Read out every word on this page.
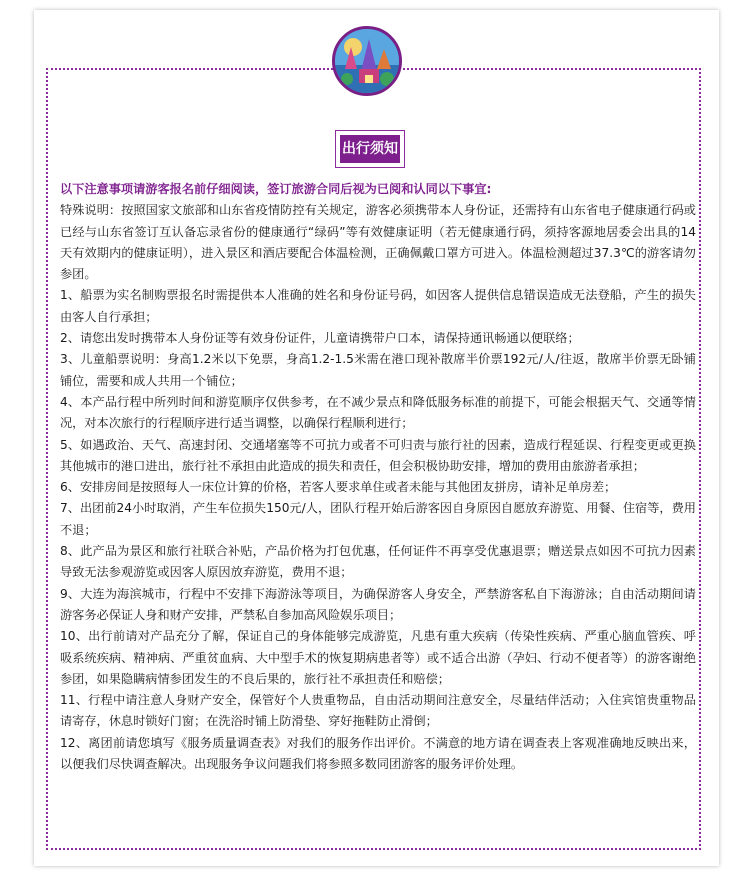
出行须知

以下注意事项请游客报名前仔细阅读，签订旅游合同后视为已阅和认同以下事宜:

特殊说明：按照国家文旅部和山东省疫情防控有关规定，游客必须携带本人身份证，还需持有山东省电子健康通行码或已经与山东省签订互认备忘录省份的健康通行“绿码”等有效健康证明（若无健康通行码，须持客源地居委会出具的14天有效期内的健康证明），进入景区和酒店要配合体温检测，正确佩戴口罩方可进入。体温检测超过37.3℃的游客请勿参团。

1、船票为实名制购票报名时需提供本人准确的姓名和身份证号码，如因客人提供信息错误造成无法登船，产生的损失由客人自行承担；

2、请您出发时携带本人身份证等有效身份证件，儿童请携带户口本，请保持通讯畅通以便联络；

3、儿童船票说明：身高1.2米以下免票，身高1.2-1.5米需在港口现补散席半价票192元/人/往返，散席半价票无卧铺铺位，需要和成人共用一个铺位；

4、本产品行程中所列时间和游览顺序仅供参考，在不减少景点和降低服务标准的前提下，可能会根据天气、交通等情况，对本次旅行的行程顺序进行适当调整，以确保行程顺利进行；

5、如遇政治、天气、高速封闭、交通堵塞等不可抗力或者不可归责与旅行社的因素，造成行程延误、行程变更或更换其他城市的港口进出，旅行社不承担由此造成的损失和责任，但会积极协助安排，增加的费用由旅游者承担；

6、安排房间是按照每人一床位计算的价格，若客人要求单住或者未能与其他团友拼房，请补足单房差；

7、出团前24小时取消，产生车位损失150元/人，团队行程开始后游客因自身原因自愿放弃游览、用餐、住宿等，费用不退；

8、此产品为景区和旅行社联合补贴，产品价格为打包优惠，任何证件不再享受优惠退票；赠送景点如因不可抗力因素导致无法参观游览或因客人原因放弃游览，费用不退；

9、大连为海滨城市，行程中不安排下海游泳等项目，为确保游客人身安全，严禁游客私自下海游泳；自由活动期间请游客务必保证人身和财产安排，严禁私自参加高风险娱乐项目；

10、出行前请对产品充分了解，保证自己的身体能够完成游览，凡患有重大疾病（传染性疾病、严重心脑血管疾、呼吸系统疾病、精神病、严重贫血病、大中型手术的恢复期病患者等）或不适合出游（孕妇、行动不便者等）的游客谢绝参团，如果隐瞒病情参团发生的不良后果的，旅行社不承担责任和赔偿；

11、行程中请注意人身财产安全，保管好个人贵重物品，自由活动期间注意安全，尽量结伴活动；入住宾馆贵重物品请寄存，休息时锁好门窗；在洗浴时铺上防滑垫、穿好拖鞋防止滑倒；

12、离团前请您填写《服务质量调查表》对我们的服务作出评价。不满意的地方请在调查表上客观准确地反映出来，以便我们尽快调查解决。出现服务争议问题我们将参照多数同团游客的服务评价处理。
